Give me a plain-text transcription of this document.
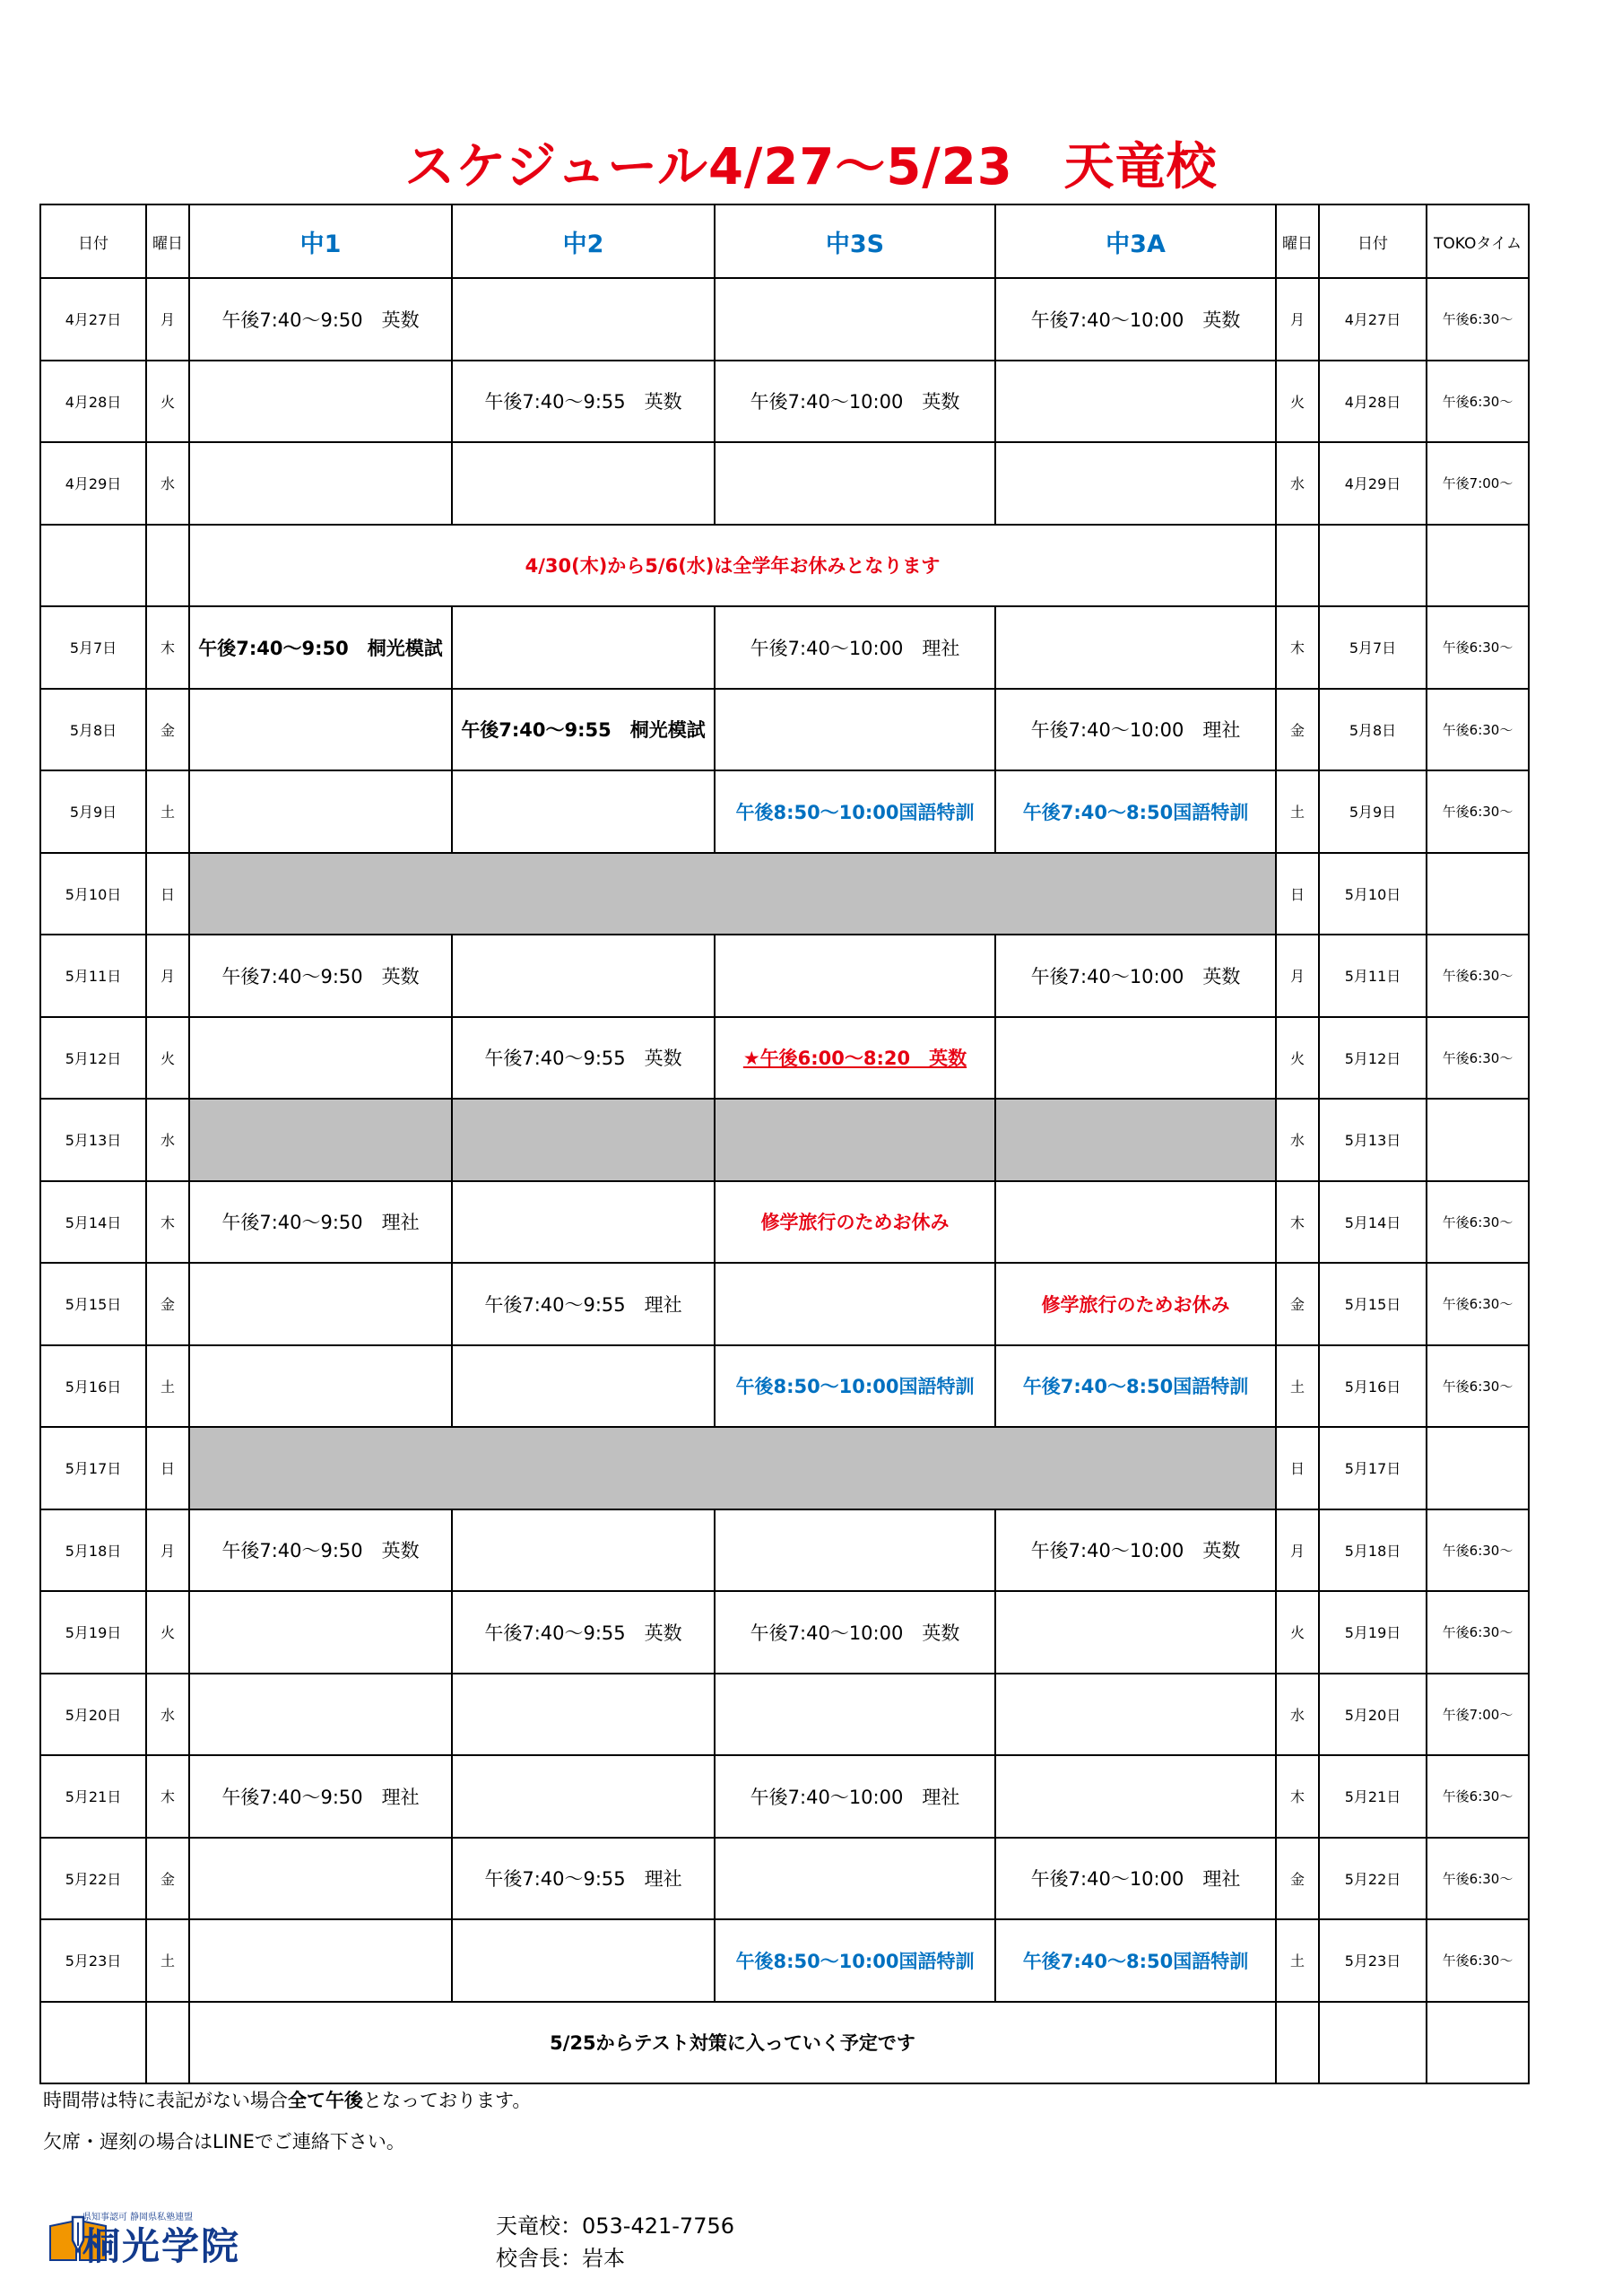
スケジュール4/27〜5/23　天竜校
日付	曜日	中1	中2	中3S	中3A	曜日	日付	TOKOタイム
4月27日	月	午後7:40〜9:50　英数			午後7:40〜10:00　英数	月	4月27日	午後6:30〜
4月28日	火		午後7:40〜9:55　英数	午後7:40〜10:00　英数		火	4月28日	午後6:30〜
4月29日	水					水	4月29日	午後7:00〜
		4/30(木)から5/6(水)は全学年お休みとなります						
5月7日	木	午後7:40〜9:50　桐光模試		午後7:40〜10:00　理社		木	5月7日	午後6:30〜
5月8日	金		午後7:40〜9:55　桐光模試		午後7:40〜10:00　理社	金	5月8日	午後6:30〜
5月9日	土			午後8:50〜10:00国語特訓	午後7:40〜8:50国語特訓	土	5月9日	午後6:30〜
5月10日	日					日	5月10日	
5月11日	月	午後7:40〜9:50　英数			午後7:40〜10:00　英数	月	5月11日	午後6:30〜
5月12日	火		午後7:40〜9:55　英数	★午後6:00〜8:20　英数		火	5月12日	午後6:30〜
5月13日	水					水	5月13日	
5月14日	木	午後7:40〜9:50　理社		修学旅行のためお休み		木	5月14日	午後6:30〜
5月15日	金		午後7:40〜9:55　理社		修学旅行のためお休み	金	5月15日	午後6:30〜
5月16日	土			午後8:50〜10:00国語特訓	午後7:40〜8:50国語特訓	土	5月16日	午後6:30〜
5月17日	日					日	5月17日	
5月18日	月	午後7:40〜9:50　英数			午後7:40〜10:00　英数	月	5月18日	午後6:30〜
5月19日	火		午後7:40〜9:55　英数	午後7:40〜10:00　英数		火	5月19日	午後6:30〜
5月20日	水					水	5月20日	午後7:00〜
5月21日	木	午後7:40〜9:50　理社		午後7:40〜10:00　理社		木	5月21日	午後6:30〜
5月22日	金		午後7:40〜9:55　理社		午後7:40〜10:00　理社	金	5月22日	午後6:30〜
5月23日	土			午後8:50〜10:00国語特訓	午後7:40〜8:50国語特訓	土	5月23日	午後6:30〜
		5/25からテスト対策に入っていく予定です						
時間帯は特に表記がない場合全て午後となっております。
欠席・遅刻の場合はLINEでご連絡下さい。
県知事認可 静岡県私塾連盟
桐光学院	天竜校：053-421-7756
校舎長：岩本
